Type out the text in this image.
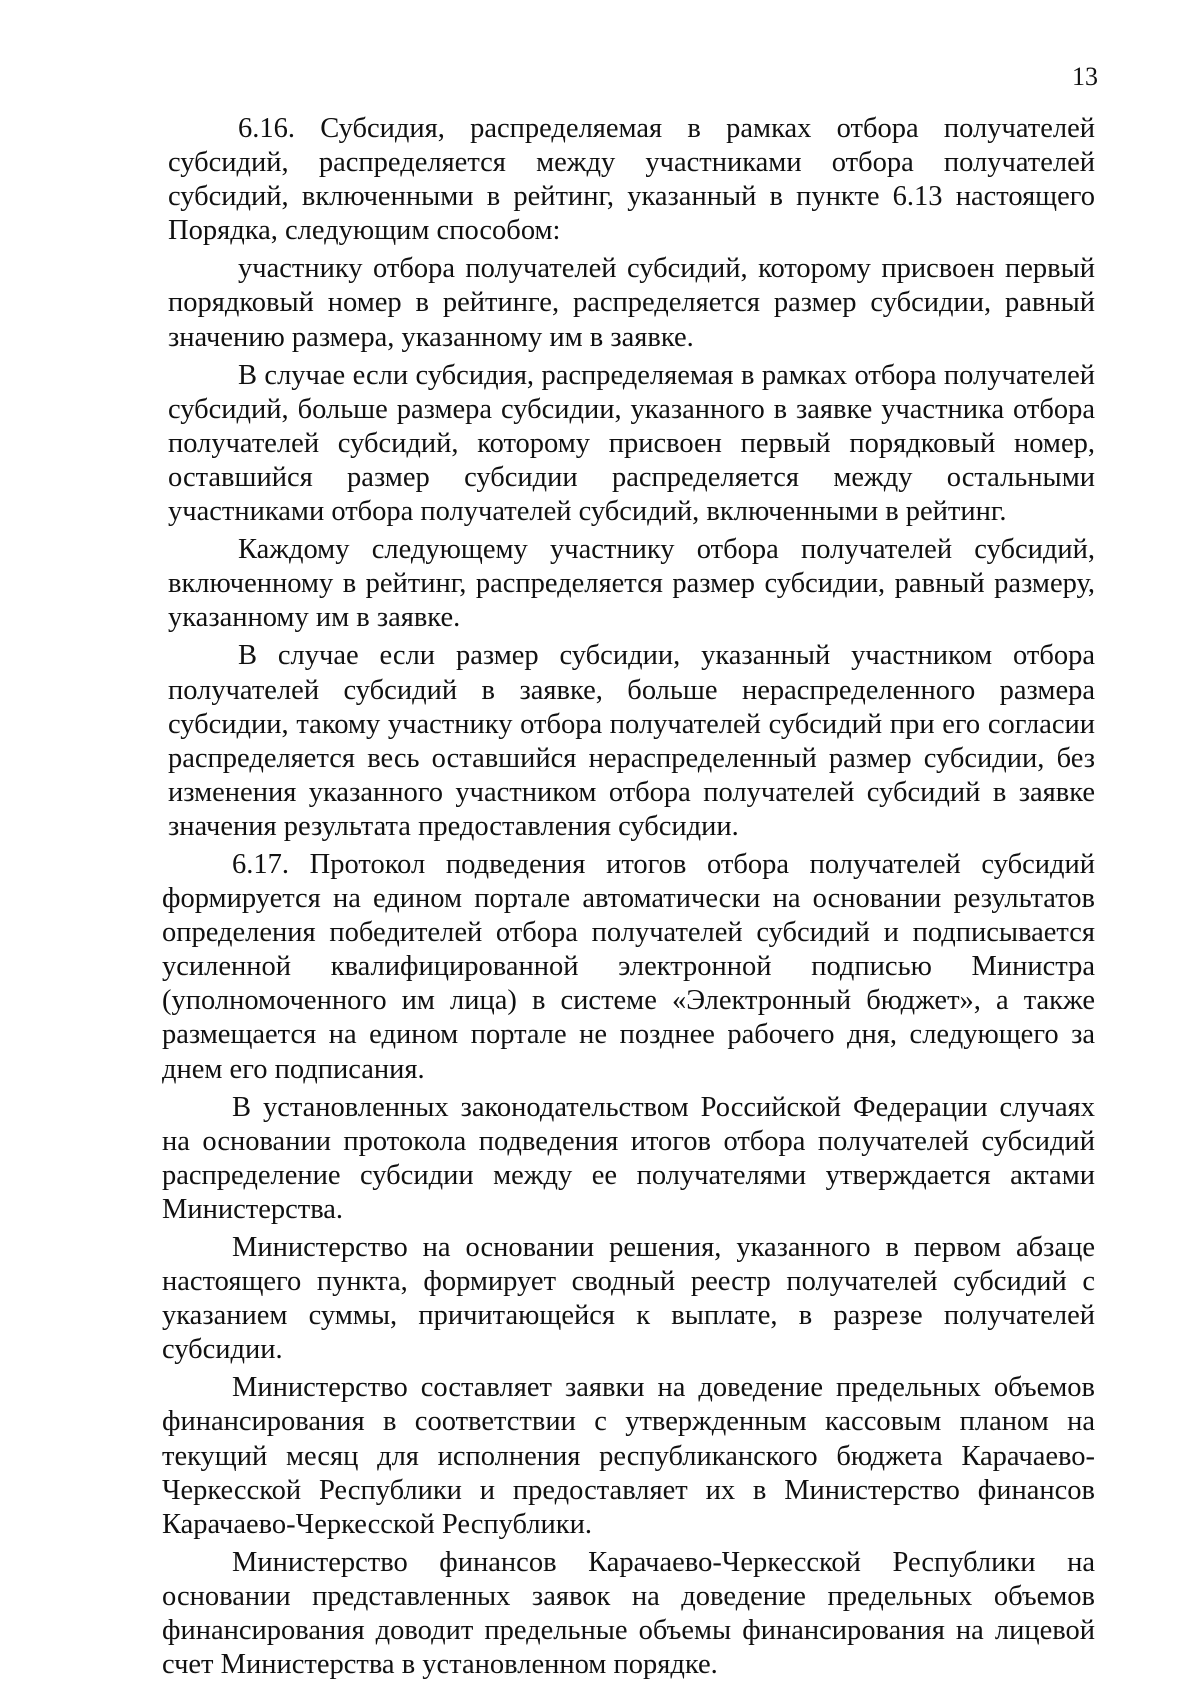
13

6.16. Субсидия, распределяемая в рамках отбора получателей субсидий, распределяется между участниками отбора получателей субсидий, включенными в рейтинг, указанный в пункте 6.13 настоящего Порядка, следующим способом:

участнику отбора получателей субсидий, которому присвоен первый порядковый номер в рейтинге, распределяется размер субсидии, равный значению размера, указанному им в заявке.

В случае если субсидия, распределяемая в рамках отбора получателей субсидий, больше размера субсидии, указанного в заявке участника отбора получателей субсидий, которому присвоен первый порядковый номер, оставшийся размер субсидии распределяется между остальными участниками отбора получателей субсидий, включенными в рейтинг.

Каждому следующему участнику отбора получателей субсидий, включенному в рейтинг, распределяется размер субсидии, равный размеру, указанному им в заявке.

В случае если размер субсидии, указанный участником отбора получателей субсидий в заявке, больше нераспределенного размера субсидии, такому участнику отбора получателей субсидий при его согласии распределяется весь оставшийся нераспределенный размер субсидии, без изменения указанного участником отбора получателей субсидий в заявке значения результата предоставления субсидии.

6.17. Протокол подведения итогов отбора получателей субсидий формируется на едином портале автоматически на основании результатов определения победителей отбора получателей субсидий и подписывается усиленной квалифицированной электронной подписью Министра (уполномоченного им лица) в системе «Электронный бюджет», а также размещается на едином портале не позднее рабочего дня, следующего за днем его подписания.

В установленных законодательством Российской Федерации случаях на основании протокола подведения итогов отбора получателей субсидий распределение субсидии между ее получателями утверждается актами Министерства.

Министерство на основании решения, указанного в первом абзаце настоящего пункта, формирует сводный реестр получателей субсидий с указанием суммы, причитающейся к выплате, в разрезе получателей субсидии.

Министерство составляет заявки на доведение предельных объемов финансирования в соответствии с утвержденным кассовым планом на текущий месяц для исполнения республиканского бюджета Карачаево-Черкесской Республики и предоставляет их в Министерство финансов Карачаево-Черкесской Республики.

Министерство финансов Карачаево-Черкесской Республики на основании представленных заявок на доведение предельных объемов финансирования доводит предельные объемы финансирования на лицевой счет Министерства в установленном порядке.
